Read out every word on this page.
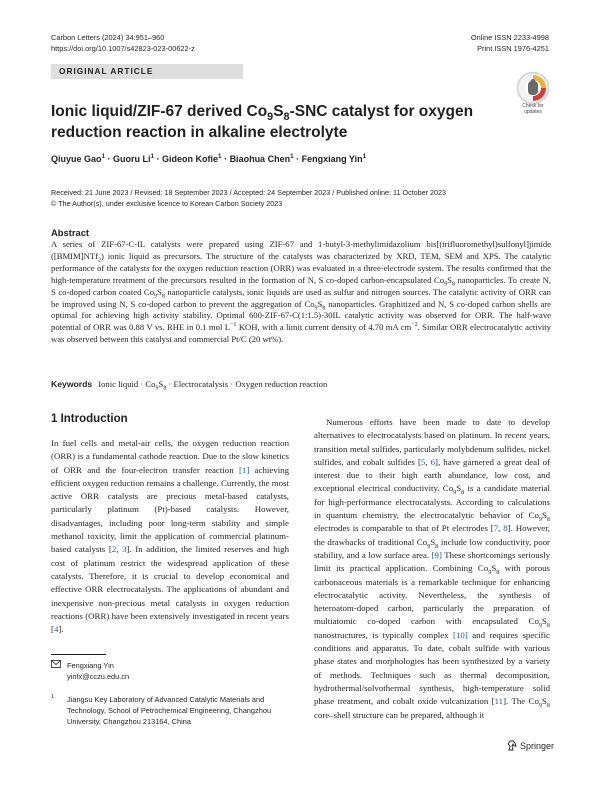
Carbon Letters (2024) 34:951–960
https://doi.org/10.1007/s42823-023-00622-z
Online ISSN 2233-4998
Print ISSN 1976-4251
ORIGINAL ARTICLE
Check for
updates
Ionic liquid/ZIF-67 derived $Co_9S_8$-SNC catalyst for oxygen reduction reaction in alkaline electrolyte
Qiuyue Gao$^1$ · Guoru $Li^1$ · Gideon Kofie$^1$ · Biaohua Chen$^1$ · Fengxiang Yin$^1$
Received: 21 June 2023 / Revised: 18 September 2023 / Accepted: 24 September 2023 / Published online: 11 October 2023
© The Author(s), under exclusive licence to Korean Carbon Society 2023
Abstract

A series of ZIF-67-C-IL catalysts were prepared using ZIF-67 and 1-butyl-3-methylimidazolium bis[(trifluoromethyl)sulfonyl]jimide ([BMIM]NTf$_2$) ionic liquid as precursors. The structure of the catalysts was characterized by XRD, TEM, SEM and XPS. The catalytic performance of the catalysts for the oxygen reduction reaction (ORR) was evaluated in a three-electrode system. The results confirmed that the high-temperature treatment of the precursors resulted in the formation of N, S co-doped carbon-encapsulated $Co_9S_8$ nanoparticles. To create N, S co-doped carbon coated $Co_9S_8$ nanoparticle catalysts, ionic liquids are used as sulfur and nitrogen sources. The catalytic activity of ORR can be improved using N, S co-doped carbon to prevent the aggregation of $Co_9S_8$ nanoparticles. Graphitized and N, S co-doped carbon shells are optimal for achieving high activity stability. Optimal 600-ZIF-67-C(1:1.5)-30IL catalytic activity was observed for ORR. The half-wave potential of ORR was 0.88 V vs. RHE in 0.1 mol $L^{-1}$ KOH, with a limit current density of 4.70 mA $cm^{-2}$. Similar ORR electrocatalytic activity was observed between this catalyst and commercial Pt/C (20 wt%).

Keywords Ionic liquid · $Co_9S_8$ · Electrocatalysis · Oxygen reduction reaction
1 Introduction

In fuel cells and metal-air cells, the oxygen reduction reaction (ORR) is a fundamental cathode reaction. Due to the slow kinetics of ORR and the four-electron transfer reaction [1] achieving efficient oxygen reduction remains a challenge. Currently, the most active ORR catalysts are precious metal-based catalysts, particularly platinum (Pt)-based catalysts. However, disadvantages, including poor long-term stability and simple methanol toxicity, limit the application of commercial platinum-based catalysts [2, 3]. In addition, the limited reserves and high cost of platinum restrict the widespread application of these catalysts. Therefore, it is crucial to develop economical and effective ORR electrocatalysts. The applications of abundant and inexpensive non-precious metal catalysts in oxygen reduction reactions (ORR) have been extensively investigated in recent years [4].

Numerous efforts have been made to date to develop alternatives to electrocatalysts based on platinum. In recent years, transition metal sulfides, particularly molybdenum sulfides, nickel sulfides, and cobalt sulfides [5, 6], have garnered a great deal of interest due to their high earth abundance, low cost, and exceptional electrical conductivity. $Co_9S_8$ is a candidate material for high-performance electrocatalysts. According to calculations in quantum chemistry, the electrocatalytic behavior of $Co_9S_8$ electrodes is comparable to that of Pt electrodes [7, 8]. However, the drawbacks of traditional $Co_9S_8$ include low conductivity, poor stability, and a low surface area. [9] These shortcomings seriously limit its practical application. Combining $Co_9S_8$ with porous carbonaceous materials is a remarkable technique for enhancing electrocatalytic activity. Nevertheless, the synthesis of heteroatom-doped carbon, particularly the preparation of multiatomic co-doped carbon with encapsulated $Co_9S_8$ nanostructures, is typically complex [10] and requires specific conditions and apparatus. To date, cobalt sulfide with various phase states and morphologies has been synthesized by a variety of methods. Techniques such as thermal decomposition, hydrothermal/solvothermal synthesis, high-temperature solid phase treatment, and cobalt oxide vulcanization [11]. The $Co_9S_8$ core–shell structure can be prepared, although it

Fengxiang Yin
yinfx@cczu.edu.cn
1 Jiangsu Key Laboratory of Advanced Catalytic Materials and Technology, School of Petrochemical Engineering, Changzhou University, Changzhou 213164, China
Springer
